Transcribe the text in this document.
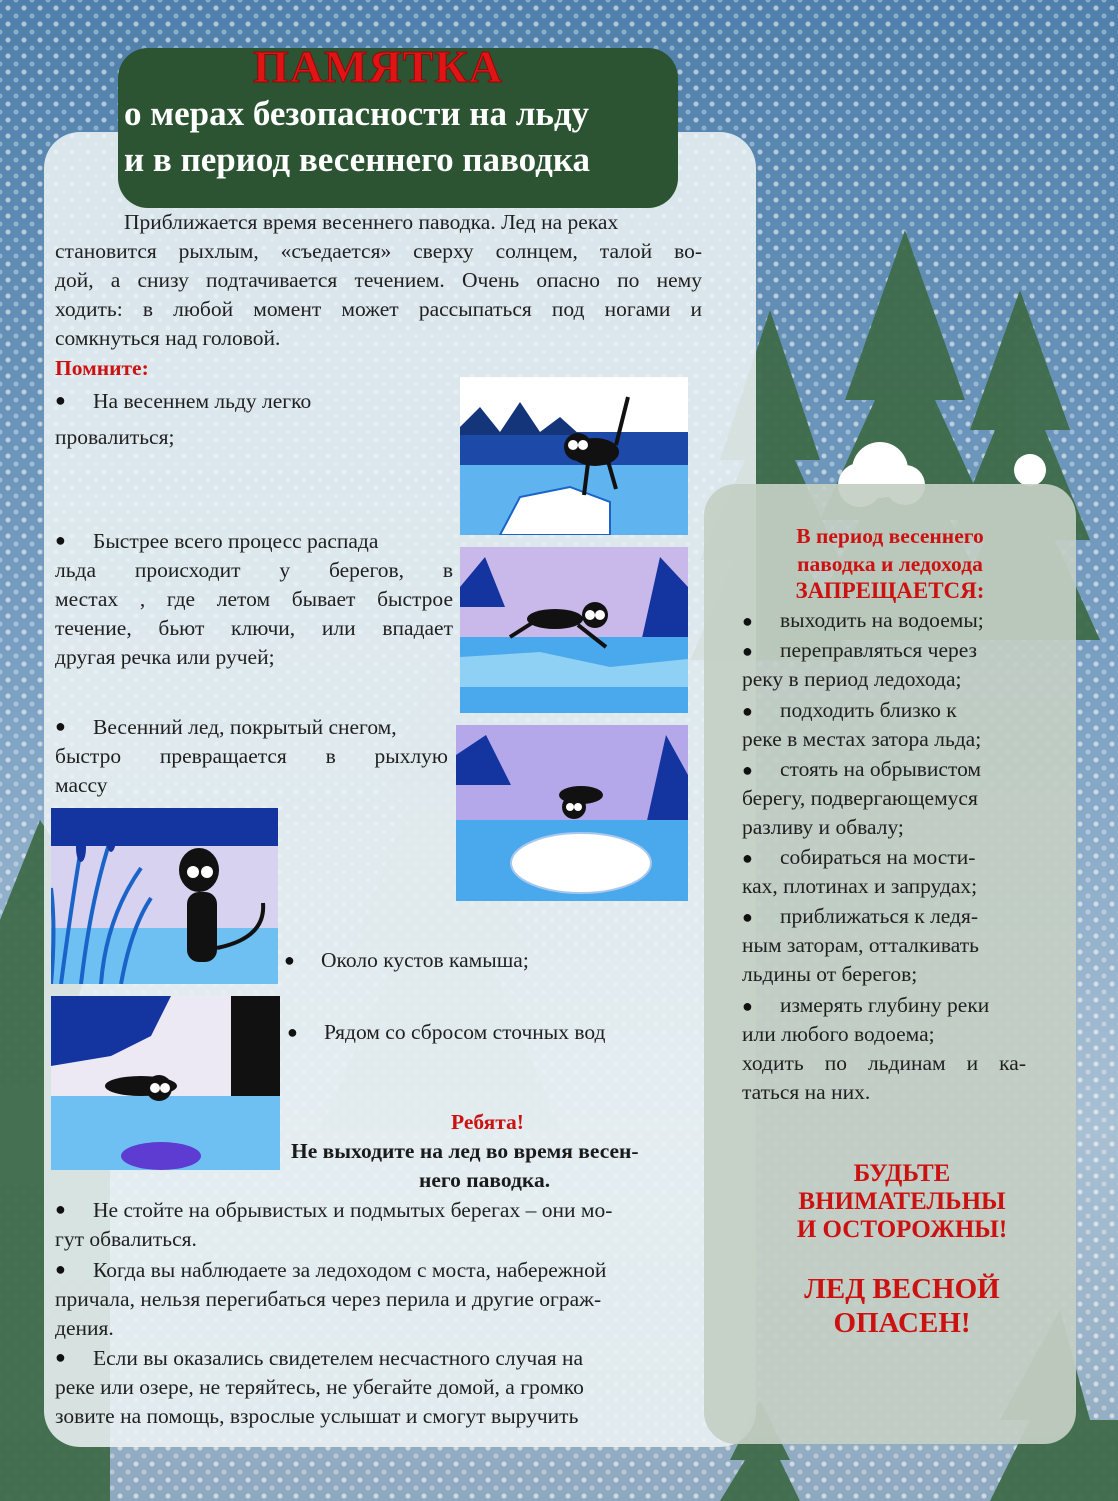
ПАМЯТКА
о мерах безопасности на льду
и в период весеннего паводка
Приближается время весеннего паводка. Лед на реках
становится рыхлым, «съедается» сверху солнцем, талой во-
дой, а снизу подтачивается течением. Очень опасно по нему
ходить: в любой момент может рассыпаться под ногами и
сомкнуться над головой.
Помните:
● На весеннем льду легко
провалиться;
● Быстрее всего процесс распада
льда происходит у берегов, в
местах , где летом бывает быстрое
течение, бьют ключи, или впадает
другая речка или ручей;
● Весенний лед, покрытый снегом,
быстро превращается в рыхлую
массу
● Около кустов камыша;
● Рядом со сбросом сточных вод
Ребята!
Не выходите на лед во время весен-
него паводка.
● Не стойте на обрывистых и подмытых берегах – они мо-
гут обвалиться.
● Когда вы наблюдаете за ледоходом с моста, набережной
причала, нельзя перегибаться через перила и другие ограж-
дения.
● Если вы оказались свидетелем несчастного случая на
реке или озере, не теряйтесь, не убегайте домой, а громко
зовите на помощь, взрослые услышат и смогут выручить
В период весеннего
паводка и ледохода
ЗАПРЕЩАЕТСЯ:
● выходить на водоемы;
● переправляться через
реку в период ледохода;
● подходить близко к
реке в местах затора льда;
● стоять на обрывистом
берегу, подвергающемуся
разливу и обвалу;
● собираться на мости-
ках, плотинах и запрудах;
● приближаться к ледя-
ным заторам, отталкивать
льдины от берегов;
● измерять глубину реки
или любого водоема;
ходить по льдинам и ка-
таться на них.
БУДЬТЕ
ВНИМАТЕЛЬНЫ
И ОСТОРОЖНЫ!
ЛЕД ВЕСНОЙ
ОПАСЕН!
